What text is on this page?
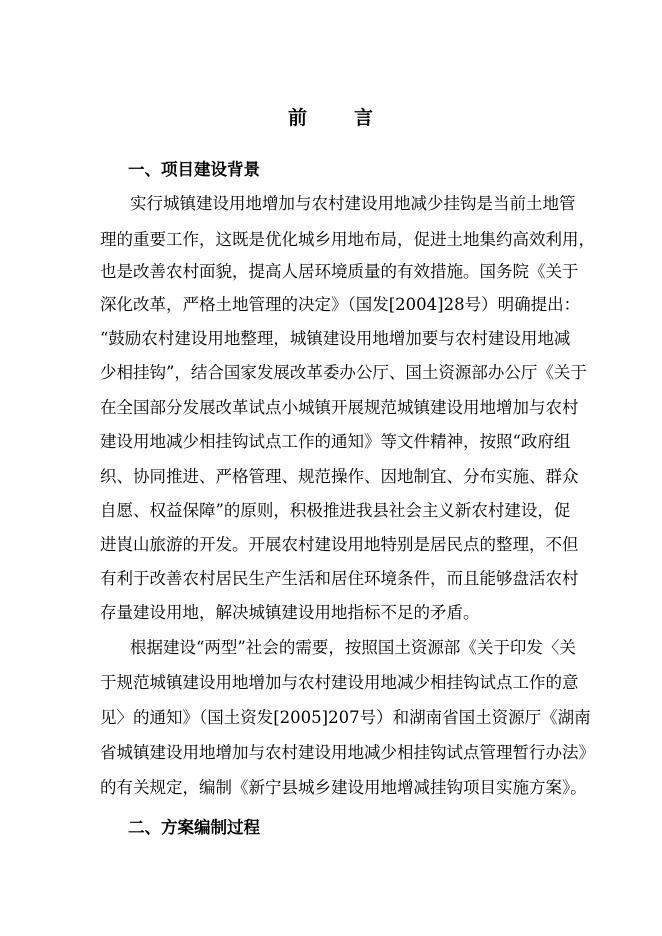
前 言
一、项目建设背景
实行城镇建设用地增加与农村建设用地减少挂钩是当前土地管
理的重要工作，这既是优化城乡用地布局，促进土地集约高效利用，
也是改善农村面貌，提高人居环境质量的有效措施。国务院《关于
深化改革，严格土地管理的决定》（国发[2004]28号）明确提出：
“鼓励农村建设用地整理，城镇建设用地增加要与农村建设用地减
少相挂钩”，结合国家发展改革委办公厅、国土资源部办公厅《关于
在全国部分发展改革试点小城镇开展规范城镇建设用地增加与农村
建设用地减少相挂钩试点工作的通知》等文件精神，按照“政府组
织、协同推进、严格管理、规范操作、因地制宜、分布实施、群众
自愿、权益保障”的原则，积极推进我县社会主义新农村建设，促
进崀山旅游的开发。开展农村建设用地特别是居民点的整理，不但
有利于改善农村居民生产生活和居住环境条件，而且能够盘活农村
存量建设用地，解决城镇建设用地指标不足的矛盾。
根据建设“两型”社会的需要，按照国土资源部《关于印发〈关
于规范城镇建设用地增加与农村建设用地减少相挂钩试点工作的意
见〉的通知》（国土资发[2005]207号）和湖南省国土资源厅《湖南
省城镇建设用地增加与农村建设用地减少相挂钩试点管理暂行办法》
的有关规定，编制《新宁县城乡建设用地增减挂钩项目实施方案》。
二、方案编制过程
